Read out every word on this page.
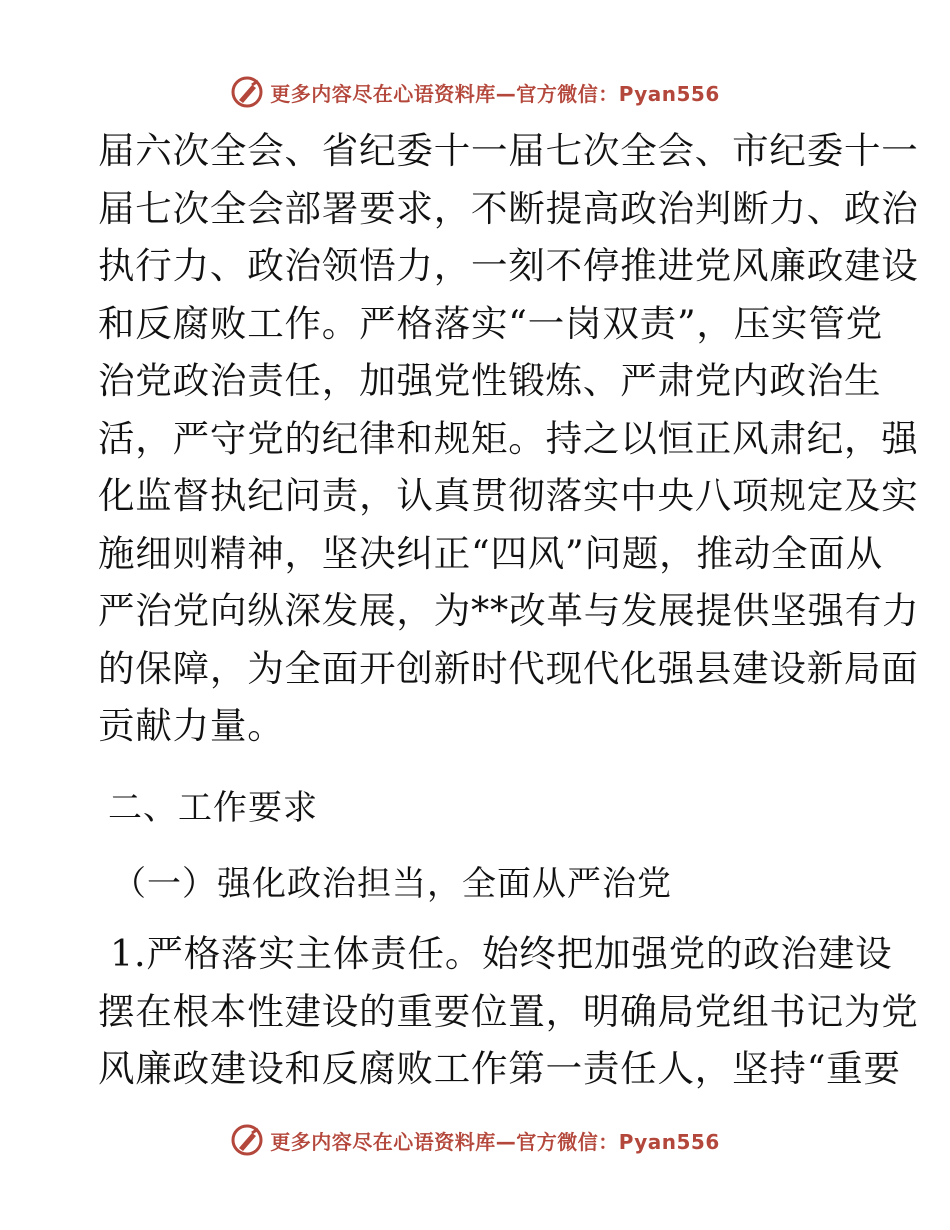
更多内容尽在心语资料库—官方微信：Pyan556
届六次全会、省纪委十一届七次全会、市纪委十一
届七次全会部署要求，不断提高政治判断力、政治
执行力、政治领悟力，一刻不停推进党风廉政建设
和反腐败工作。严格落实“一岗双责”，压实管党
治党政治责任，加强党性锻炼、严肃党内政治生
活，严守党的纪律和规矩。持之以恒正风肃纪，强
化监督执纪问责，认真贯彻落实中央八项规定及实
施细则精神，坚决纠正“四风”问题，推动全面从
严治党向纵深发展，为**改革与发展提供坚强有力
的保障，为全面开创新时代现代化强县建设新局面
贡献力量。
二、工作要求
（一）强化政治担当，全面从严治党
1.严格落实主体责任。始终把加强党的政治建设
摆在根本性建设的重要位置，明确局党组书记为党
风廉政建设和反腐败工作第一责任人，坚持“重要
更多内容尽在心语资料库—官方微信：Pyan556
